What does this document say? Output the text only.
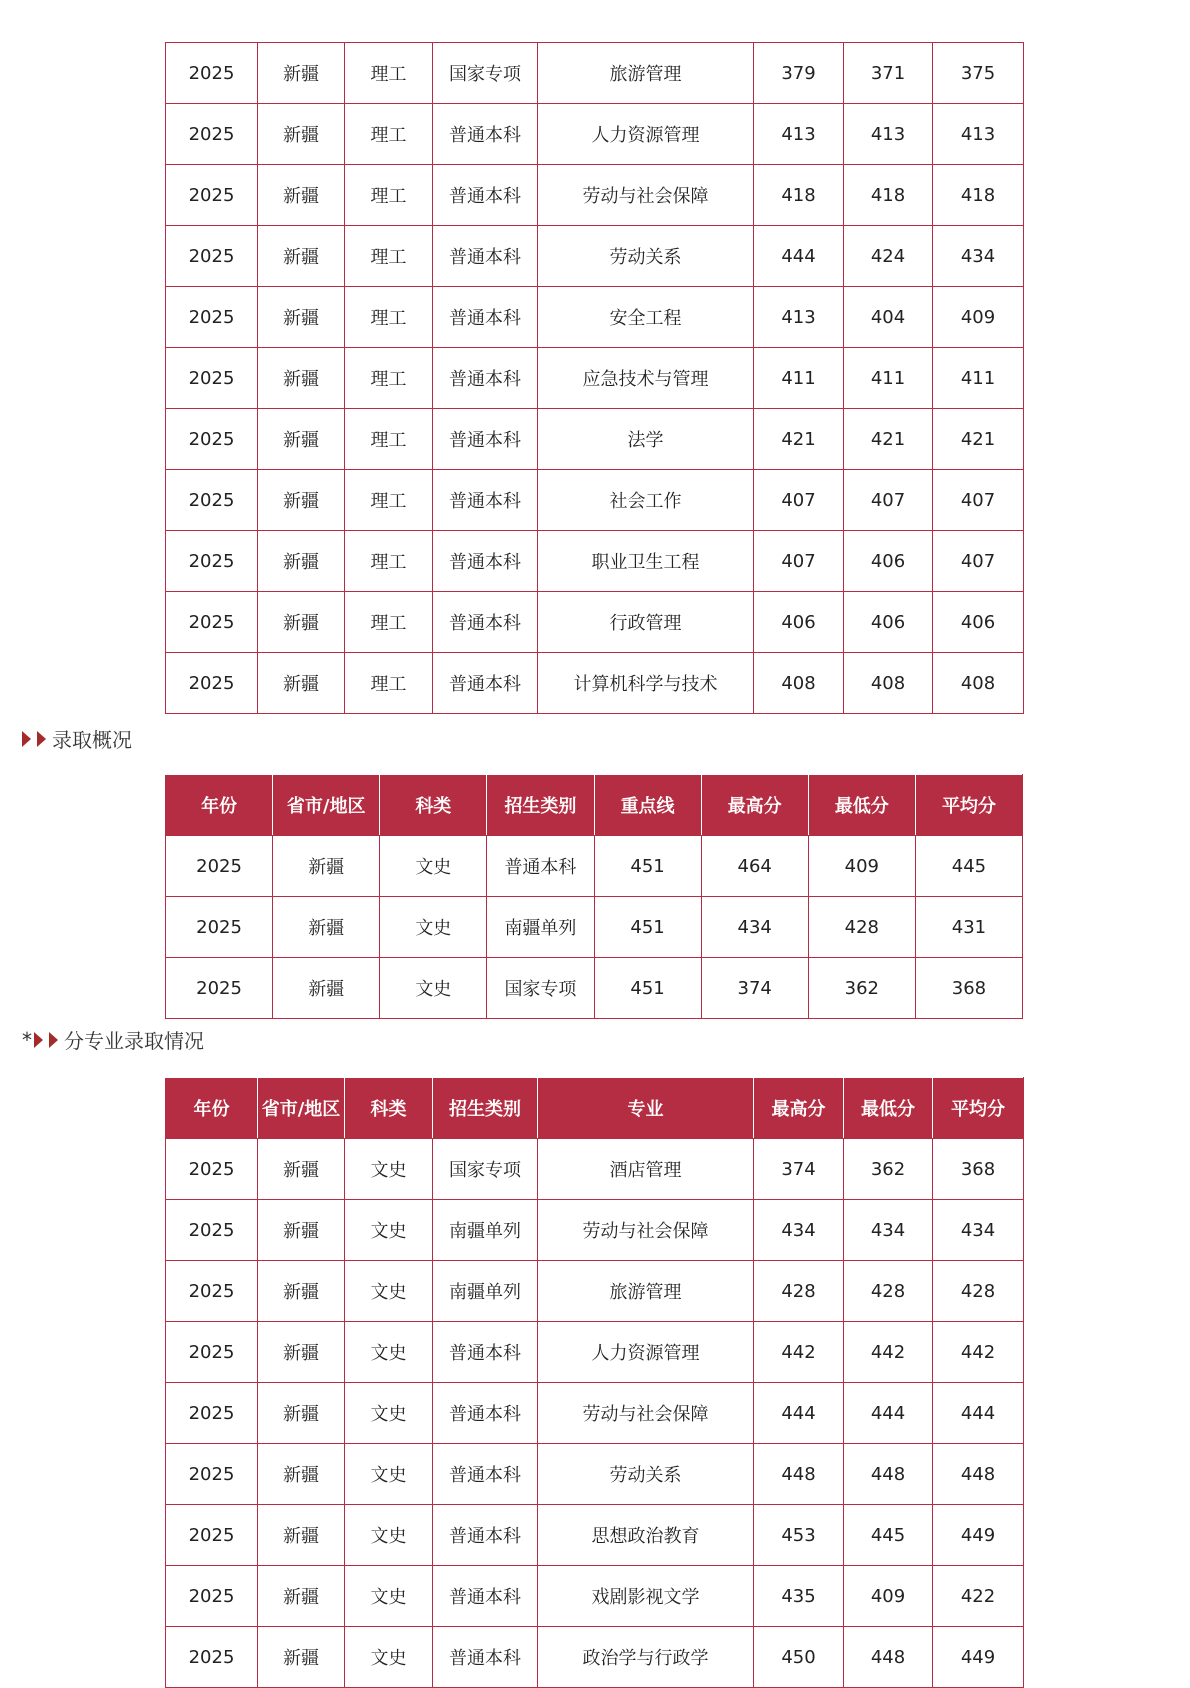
2025	新疆	理工	国家专项	旅游管理	379	371	375
2025	新疆	理工	普通本科	人力资源管理	413	413	413
2025	新疆	理工	普通本科	劳动与社会保障	418	418	418
2025	新疆	理工	普通本科	劳动关系	444	424	434
2025	新疆	理工	普通本科	安全工程	413	404	409
2025	新疆	理工	普通本科	应急技术与管理	411	411	411
2025	新疆	理工	普通本科	法学	421	421	421
2025	新疆	理工	普通本科	社会工作	407	407	407
2025	新疆	理工	普通本科	职业卫生工程	407	406	407
2025	新疆	理工	普通本科	行政管理	406	406	406
2025	新疆	理工	普通本科	计算机科学与技术	408	408	408
录取概况
年份	省市/地区	科类	招生类别	重点线	最高分	最低分	平均分
2025	新疆	文史	普通本科	451	464	409	445
2025	新疆	文史	南疆单列	451	434	428	431
2025	新疆	文史	国家专项	451	374	362	368
* 分专业录取情况
年份	省市/地区	科类	招生类别	专业	最高分	最低分	平均分
2025	新疆	文史	国家专项	酒店管理	374	362	368
2025	新疆	文史	南疆单列	劳动与社会保障	434	434	434
2025	新疆	文史	南疆单列	旅游管理	428	428	428
2025	新疆	文史	普通本科	人力资源管理	442	442	442
2025	新疆	文史	普通本科	劳动与社会保障	444	444	444
2025	新疆	文史	普通本科	劳动关系	448	448	448
2025	新疆	文史	普通本科	思想政治教育	453	445	449
2025	新疆	文史	普通本科	戏剧影视文学	435	409	422
2025	新疆	文史	普通本科	政治学与行政学	450	448	449
